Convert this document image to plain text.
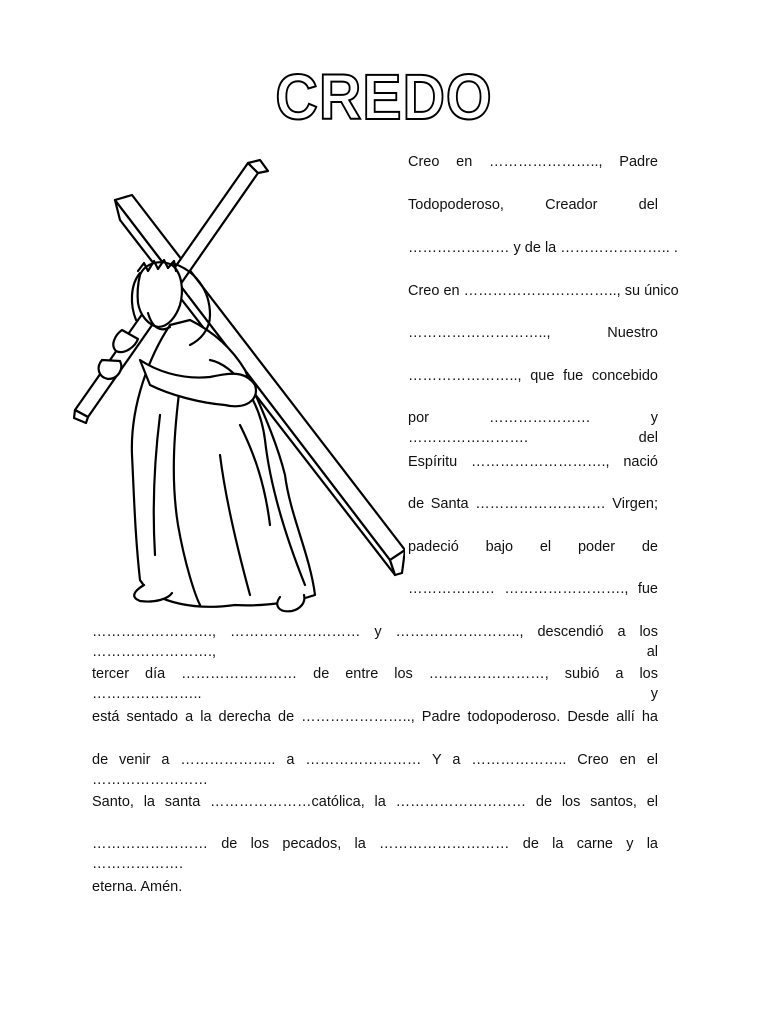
CREDO
Creo en ………………….., Padre
Todopoderoso, Creador del
………………… y de la ………………….. .
Creo en ………………………….., su único
……………………….., Nuestro
………………….., que fue concebido
por ………………… y ……………………. del
Espíritu ………………………., nació
de Santa ……………………… Virgen;
padeció bajo el poder de
……………… ……………………., fue
……………………., ……………………… y …………………….., descendió a los ……………………., al
tercer día …………………… de entre los ……………………, subió a los ………………….. y
está sentado a la derecha de ………………….., Padre todopoderoso. Desde allí ha
de venir a ……………….. a …………………… Y a ……………….. Creo en el ……………………
Santo, la santa …………………católica, la ……………………… de los santos, el
…………………… de los pecados, la ……………………… de la carne y la ……………….
eterna. Amén.
